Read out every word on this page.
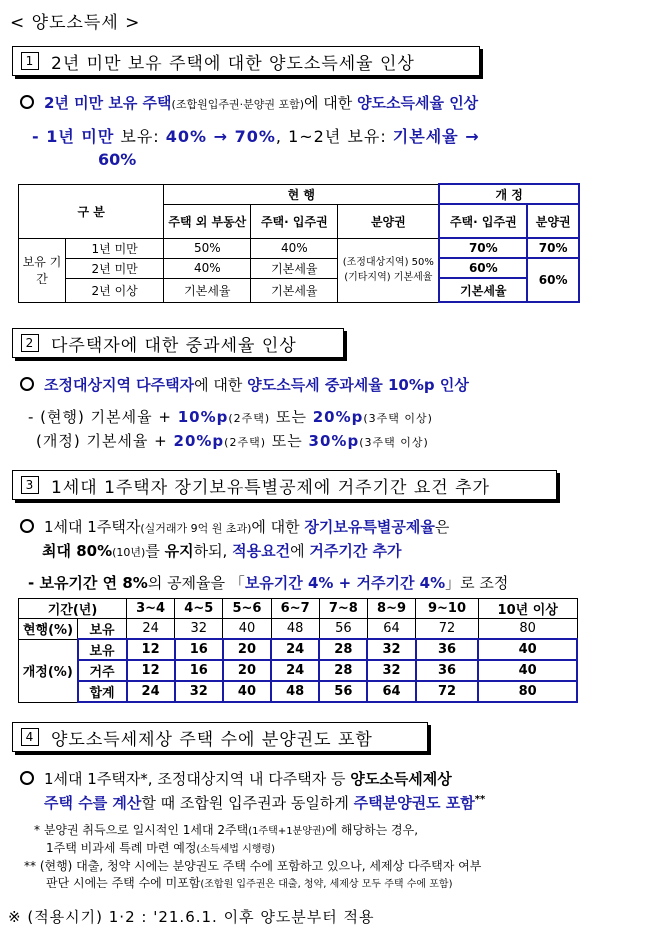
< 양도소득세 >
1 2년 미만 보유 주택에 대한 양도소득세율 인상
2년 미만 보유 주택(조합원입주권·분양권 포함)에 대한 양도소득세율 인상
- 1년 미만 보유: 40% → 70%, 1~2년 보유: 기본세율 →
60%
구 분		현 행			개 정	
		주택 외 부동산	주택· 입주권	분양권	주택· 입주권	분양권
보유 기간	1년 미만	50%	40%	(조정대상지역) 50% (기타지역) 기본세율	70%	70%
	2년 미만	40%	기본세율		60%	60%
	2년 이상	기본세율	기본세율		기본세율	
2 다주택자에 대한 중과세율 인상
조정대상지역 다주택자에 대한 양도소득세 중과세율 10%p 인상
- (현행) 기본세율 + 10%p(2주택) 또는 20%p(3주택 이상)
(개정) 기본세율 + 20%p(2주택) 또는 30%p(3주택 이상)
3 1세대 1주택자 장기보유특별공제에 거주기간 요건 추가
1세대 1주택자(실거래가 9억 원 초과)에 대한 장기보유특별공제율은
최대 80%(10년)를 유지하되, 적용요건에 거주기간 추가
- 보유기간 연 8%의 공제율을 「보유기간 4% + 거주기간 4%」로 조정
기간(년)		3~4	4~5	5~6	6~7	7~8	8~9	9~10	10년 이상
현행(%)	보유	24	32	40	48	56	64	72	80
개정(%)	보유	12	16	20	24	28	32	36	40
	거주	12	16	20	24	28	32	36	40
	합계	24	32	40	48	56	64	72	80
4 양도소득세제상 주택 수에 분양권도 포함
1세대 1주택자*, 조정대상지역 내 다주택자 등 양도소득세제상
주택 수를 계산할 때 조합원 입주권과 동일하게 주택분양권도 포함**
* 분양권 취득으로 일시적인 1세대 2주택(1주택+1분양권)에 해당하는 경우,
1주택 비과세 특례 마련 예정(소득세법 시행령)
** (현행) 대출, 청약 시에는 분양권도 주택 수에 포함하고 있으나, 세제상 다주택자 여부
판단 시에는 주택 수에 미포함(조합원 입주권은 대출, 청약, 세제상 모두 주택 수에 포함)
※ (적용시기) 1·2 : '21.6.1. 이후 양도분부터 적용
